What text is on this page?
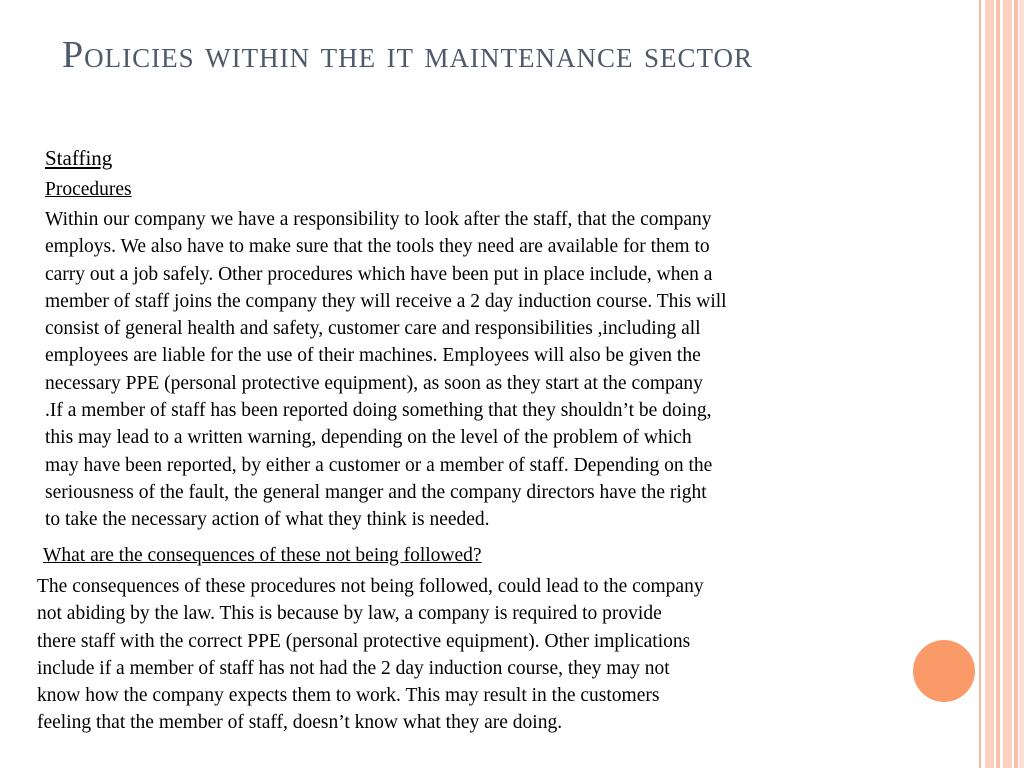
Policies within the it maintenance sector
Staffing
Procedures
Within our company we have a responsibility to look after the staff, that the company
employs. We also have to make sure that the tools they need are available for them to
carry out a job safely. Other procedures which have been put in place include, when a
member of staff joins the company they will receive a 2 day induction course. This will
consist of general health and safety, customer care and responsibilities ,including all
employees are liable for the use of their machines. Employees will also be given the
necessary PPE (personal protective equipment), as soon as they start at the company
.If a member of staff has been reported doing something that they shouldn’t be doing,
this may lead to a written warning, depending on the level of the problem of which
may have been reported, by either a customer or a member of staff. Depending on the
seriousness of the fault, the general manger and the company directors have the right
to take the necessary action of what they think is needed.
What are the consequences of these not being followed?
The consequences of these procedures not being followed, could lead to the company
not abiding by the law. This is because by law, a company is required to provide
there staff with the correct PPE (personal protective equipment). Other implications
include if a member of staff has not had the 2 day induction course, they may not
know how the company expects them to work. This may result in the customers
feeling that the member of staff, doesn’t know what they are doing.
